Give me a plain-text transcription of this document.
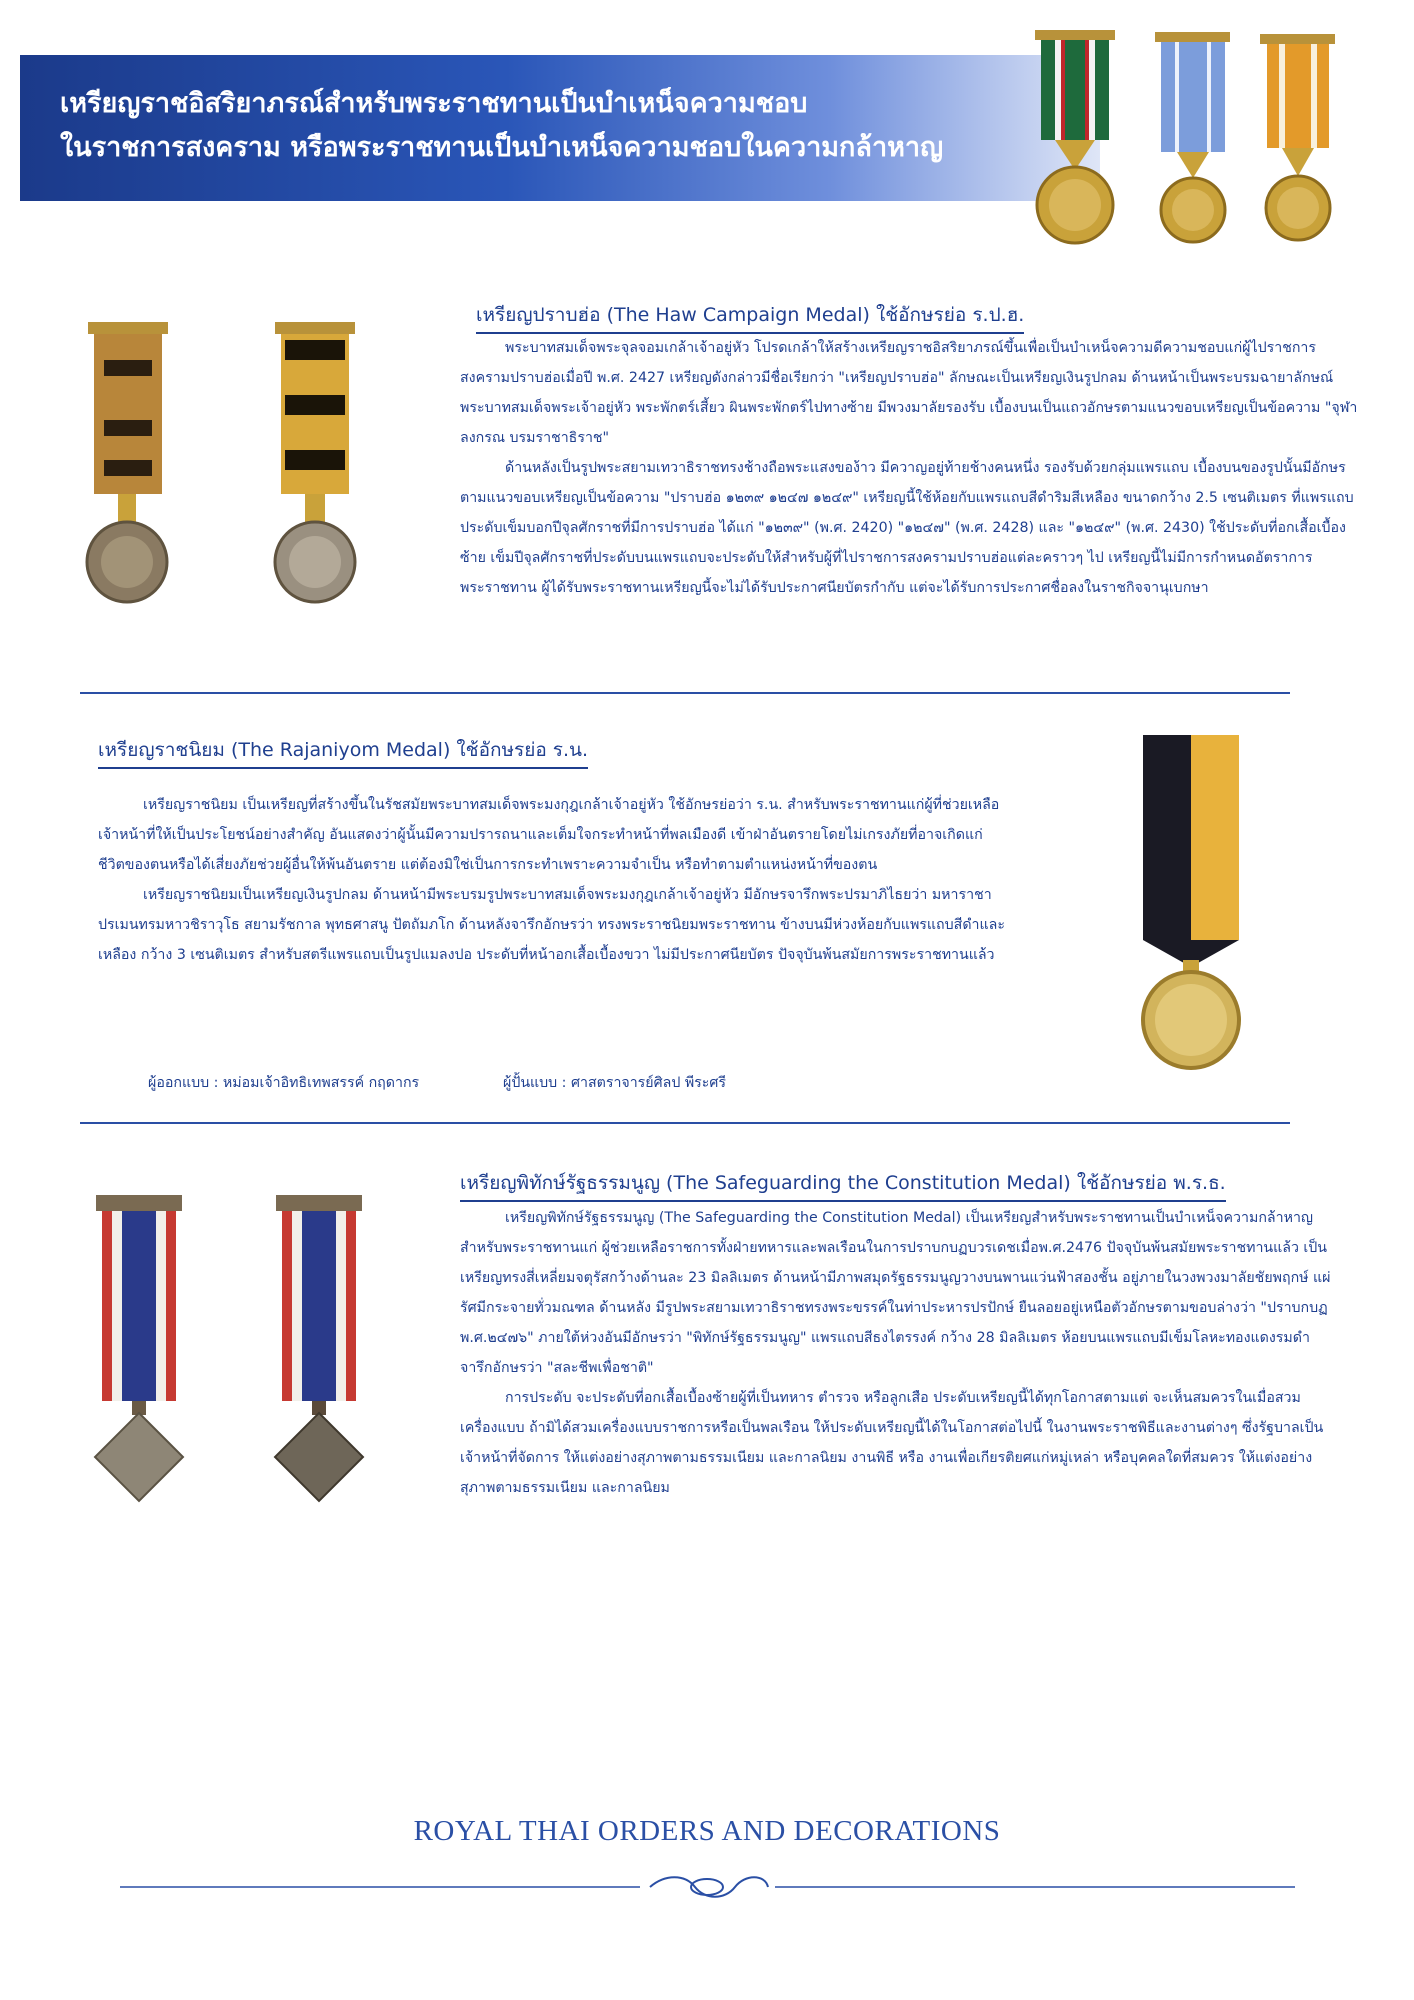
เหรียญราชอิสริยาภรณ์สำหรับพระราชทานเป็นบำเหน็จความชอบ
ในราชการสงคราม หรือพระราชทานเป็นบำเหน็จความชอบในความกล้าหาญ
เหรียญปราบฮ่อ (The Haw Campaign Medal) ใช้อักษรย่อ ร.ป.ฮ.

พระบาทสมเด็จพระจุลจอมเกล้าเจ้าอยู่หัว โปรดเกล้าให้สร้างเหรียญราชอิสริยาภรณ์ขึ้นเพื่อเป็นบำเหน็จความดีความชอบแก่ผู้ไปราชการสงครามปราบฮ่อเมื่อปี พ.ศ. 2427 เหรียญดังกล่าวมีชื่อเรียกว่า "เหรียญปราบฮ่อ" ลักษณะเป็นเหรียญเงินรูปกลม ด้านหน้าเป็นพระบรมฉายาลักษณ์พระบาทสมเด็จพระเจ้าอยู่หัว พระพักตร์เสี้ยว ผินพระพักตร์ไปทางซ้าย มีพวงมาลัยรองรับ เบื้องบนเป็นแถวอักษรตามแนวขอบเหรียญเป็นข้อความ "จุฬาลงกรณ บรมราชาธิราช"

ด้านหลังเป็นรูปพระสยามเทวาธิราชทรงช้างถือพระแสงของ้าว มีควาญอยู่ท้ายช้างคนหนึ่ง รองรับด้วยกลุ่มแพรแถบ เบื้องบนของรูปนั้นมีอักษรตามแนวขอบเหรียญเป็นข้อความ "ปราบฮ่อ ๑๒๓๙ ๑๒๔๗ ๑๒๔๙" เหรียญนี้ใช้ห้อยกับแพรแถบสีดำริมสีเหลือง ขนาดกว้าง 2.5 เซนติเมตร ที่แพรแถบประดับเข็มบอกปีจุลศักราชที่มีการปราบฮ่อ ได้แก่ "๑๒๓๙" (พ.ศ. 2420) "๑๒๔๗" (พ.ศ. 2428) และ "๑๒๔๙" (พ.ศ. 2430) ใช้ประดับที่อกเสื้อเบื้องซ้าย เข็มปีจุลศักราชที่ประดับบนแพรแถบจะประดับให้สำหรับผู้ที่ไปราชการสงครามปราบฮ่อแต่ละคราวๆ ไป เหรียญนี้ไม่มีการกำหนดอัตราการพระราชทาน ผู้ได้รับพระราชทานเหรียญนี้จะไม่ได้รับประกาศนียบัตรกำกับ แต่จะได้รับการประกาศชื่อลงในราชกิจจานุเบกษา

เหรียญราชนิยม (The Rajaniyom Medal) ใช้อักษรย่อ ร.น.

เหรียญราชนิยม เป็นเหรียญที่สร้างขึ้นในรัชสมัยพระบาทสมเด็จพระมงกุฎเกล้าเจ้าอยู่หัว ใช้อักษรย่อว่า ร.น. สำหรับพระราชทานแก่ผู้ที่ช่วยเหลือเจ้าหน้าที่ให้เป็นประโยชน์อย่างสำคัญ อันแสดงว่าผู้นั้นมีความปรารถนาและเต็มใจกระทำหน้าที่พลเมืองดี เข้าฝ่าอันตรายโดยไม่เกรงภัยที่อาจเกิดแก่ชีวิตของตนหรือได้เสี่ยงภัยช่วยผู้อื่นให้พ้นอันตราย แต่ต้องมิใช่เป็นการกระทำเพราะความจำเป็น หรือทำตามตำแหน่งหน้าที่ของตน

เหรียญราชนิยมเป็นเหรียญเงินรูปกลม ด้านหน้ามีพระบรมรูปพระบาทสมเด็จพระมงกุฎเกล้าเจ้าอยู่หัว มีอักษรจารึกพระปรมาภิไธยว่า มหาราชา ปรเมนทรมหาวชิราวุโธ สยามรัชกาล พุทธศาสนู ปัตถัมภโก ด้านหลังจารึกอักษรว่า ทรงพระราชนิยมพระราชทาน ข้างบนมีห่วงห้อยกับแพรแถบสีดำและเหลือง กว้าง 3 เซนติเมตร สำหรับสตรีแพรแถบเป็นรูปแมลงปอ ประดับที่หน้าอกเสื้อเบื้องขวา ไม่มีประกาศนียบัตร ปัจจุบันพ้นสมัยการพระราชทานแล้ว

ผู้ออกแบบ : หม่อมเจ้าอิทธิเทพสรรค์ กฤดากร	ผู้ปั้นแบบ : ศาสตราจารย์ศิลป พีระศรี
เหรียญพิทักษ์รัฐธรรมนูญ (The Safeguarding the Constitution Medal) ใช้อักษรย่อ พ.ร.ธ.

เหรียญพิทักษ์รัฐธรรมนูญ (The Safeguarding the Constitution Medal) เป็นเหรียญสำหรับพระราชทานเป็นบำเหน็จความกล้าหาญ สำหรับพระราชทานแก่ ผู้ช่วยเหลือราชการทั้งฝ่ายทหารและพลเรือนในการปราบกบฏบวรเดชเมื่อพ.ศ.2476 ปัจจุบันพ้นสมัยพระราชทานแล้ว เป็นเหรียญทรงสี่เหลี่ยมจตุรัสกว้างด้านละ 23 มิลลิเมตร ด้านหน้ามีภาพสมุดรัฐธรรมนูญวางบนพานแว่นฟ้าสองชั้น อยู่ภายในวงพวงมาลัยชัยพฤกษ์ แผ่รัศมีกระจายทั่วมณฑล ด้านหลัง มีรูปพระสยามเทวาธิราชทรงพระขรรค์ในท่าประหารปรปักษ์ ยืนลอยอยู่เหนือตัวอักษรตามขอบล่างว่า "ปราบกบฏ พ.ศ.๒๔๗๖" ภายใต้ห่วงอันมีอักษรว่า "พิทักษ์รัฐธรรมนูญ" แพรแถบสีธงไตรรงค์ กว้าง 28 มิลลิเมตร ห้อยบนแพรแถบมีเข็มโลหะทองแดงรมดำ จารึกอักษรว่า "สละชีพเพื่อชาติ"

การประดับ จะประดับที่อกเสื้อเบื้องซ้ายผู้ที่เป็นทหาร ตำรวจ หรือลูกเสือ ประดับเหรียญนี้ได้ทุกโอกาสตามแต่ จะเห็นสมควรในเมื่อสวมเครื่องแบบ ถ้ามิได้สวมเครื่องแบบราชการหรือเป็นพลเรือน ให้ประดับเหรียญนี้ได้ในโอกาสต่อไปนี้ ในงานพระราชพิธีและงานต่างๆ ซึ่งรัฐบาลเป็นเจ้าหน้าที่จัดการ ให้แต่งอย่างสุภาพตามธรรมเนียม และกาลนิยม งานพิธี หรือ งานเพื่อเกียรติยศแก่หมู่เหล่า หรือบุคคลใดที่สมควร ให้แต่งอย่างสุภาพตามธรรมเนียม และกาลนิยม

ROYAL THAI ORDERS AND DECORATIONS
